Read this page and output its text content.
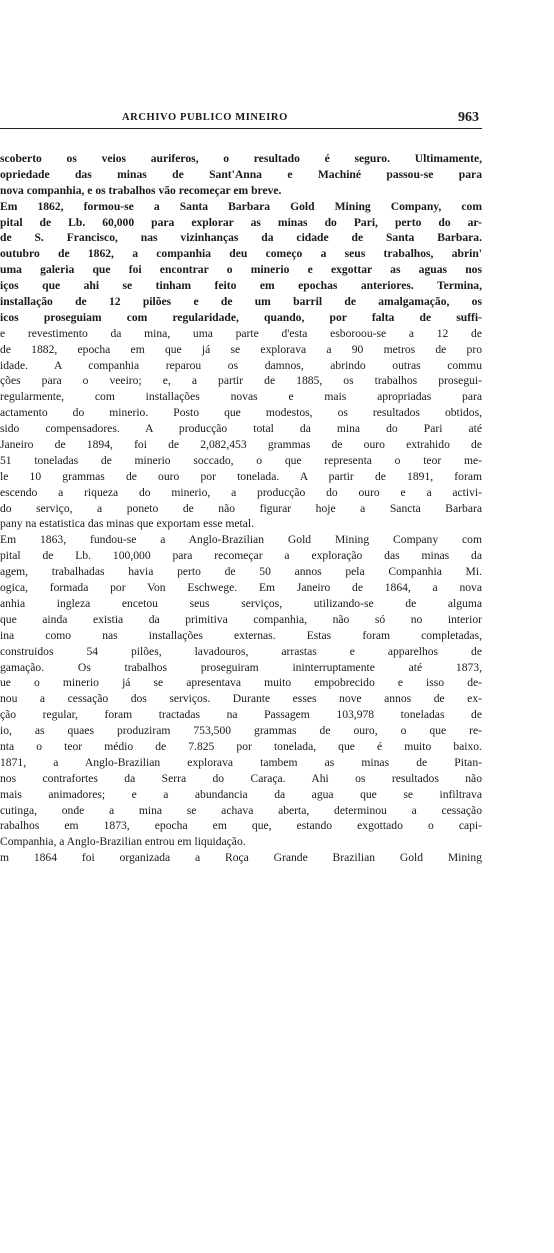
ARCHIVO PUBLICO MINEIRO	963
scoberto os veios auriferos, o resultado é seguro. Ultimamente,
opriedade das minas de Sant'Anna e Machiné passou-se para
nova companhia, e os trabalhos vão recomeçar em breve.
Em 1862, formou-se a Santa Barbara Gold Mining Company, com
pital de Lb. 60,000 para explorar as minas do Pari, perto do ar-
de S. Francisco, nas vizinhanças da cidade de Santa Barbara.
outubro de 1862, a companhia deu começo a seus trabalhos, abrin'
uma galeria que foi encontrar o minerio e exgottar as aguas nos
iços que ahi se tinham feito em epochas anteriores. Termina,
installação de 12 pilões e de um barril de amalgamação, os
icos proseguiam com regularidade, quando, por falta de suffi-
e revestimento da mina, uma parte d'esta esboroou-se a 12 de
de 1882, epocha em que já se explorava a 90 metros de pro
idade. A companhia reparou os damnos, abrindo outras commu
ções para o veeiro; e, a partir de 1885, os trabalhos prosegui-
regularmente, com installações novas e mais apropriadas para
actamento do minerio. Posto que modestos, os resultados obtidos,
sido compensadores. A producção total da mina do Pari até
Janeiro de 1894, foi de 2,082,453 grammas de ouro extrahido de
51 toneladas de minerio soccado, o que representa o teor me-
le 10 grammas de ouro por tonelada. A partir de 1891, foram
escendo a riqueza do minerio, a producção do ouro e a activi-
do serviço, a poneto de não figurar hoje a Sancta Barbara
pany na estatistica das minas que exportam esse metal.
Em 1863, fundou-se a Anglo-Brazilian Gold Mining Company com
pital de Lb. 100,000 para recomeçar a exploração das minas da
agem, trabalhadas havia perto de 50 annos pela Companhia Mi.
ogica, formada por Von Eschwege. Em Janeiro de 1864, a nova
anhia ingleza encetou seus serviços, utilizando-se de alguma
que ainda existia da primitiva companhia, não só no interior
ina como nas installações externas. Estas foram completadas,
construidos 54 pilões, lavadouros, arrastas e apparelhos de
gamação. Os trabalhos proseguiram ininterruptamente até 1873,
ue o minerio já se apresentava muito empobrecido e isso de-
nou a cessação dos serviços. Durante esses nove annos de ex-
ção regular, foram tractadas na Passagem 103,978 toneladas de
io, as quaes produziram 753,500 grammas de ouro, o que re-
nta o teor médio de 7.825 por tonelada, que é muito baixo.
1871, a Anglo-Brazilian explorava tambem as minas de Pitan-
nos contrafortes da Serra do Caraça. Ahi os resultados não
mais animadores; e a abundancia da agua que se infiltrava
cutinga, onde a mina se achava aberta, determinou a cessação
rabalhos em 1873, epocha em que, estando exgottado o capi-
Companhia, a Anglo-Brazilian entrou em liquidação.
m 1864 foi organizada a Roça Grande Brazilian Gold Mining
